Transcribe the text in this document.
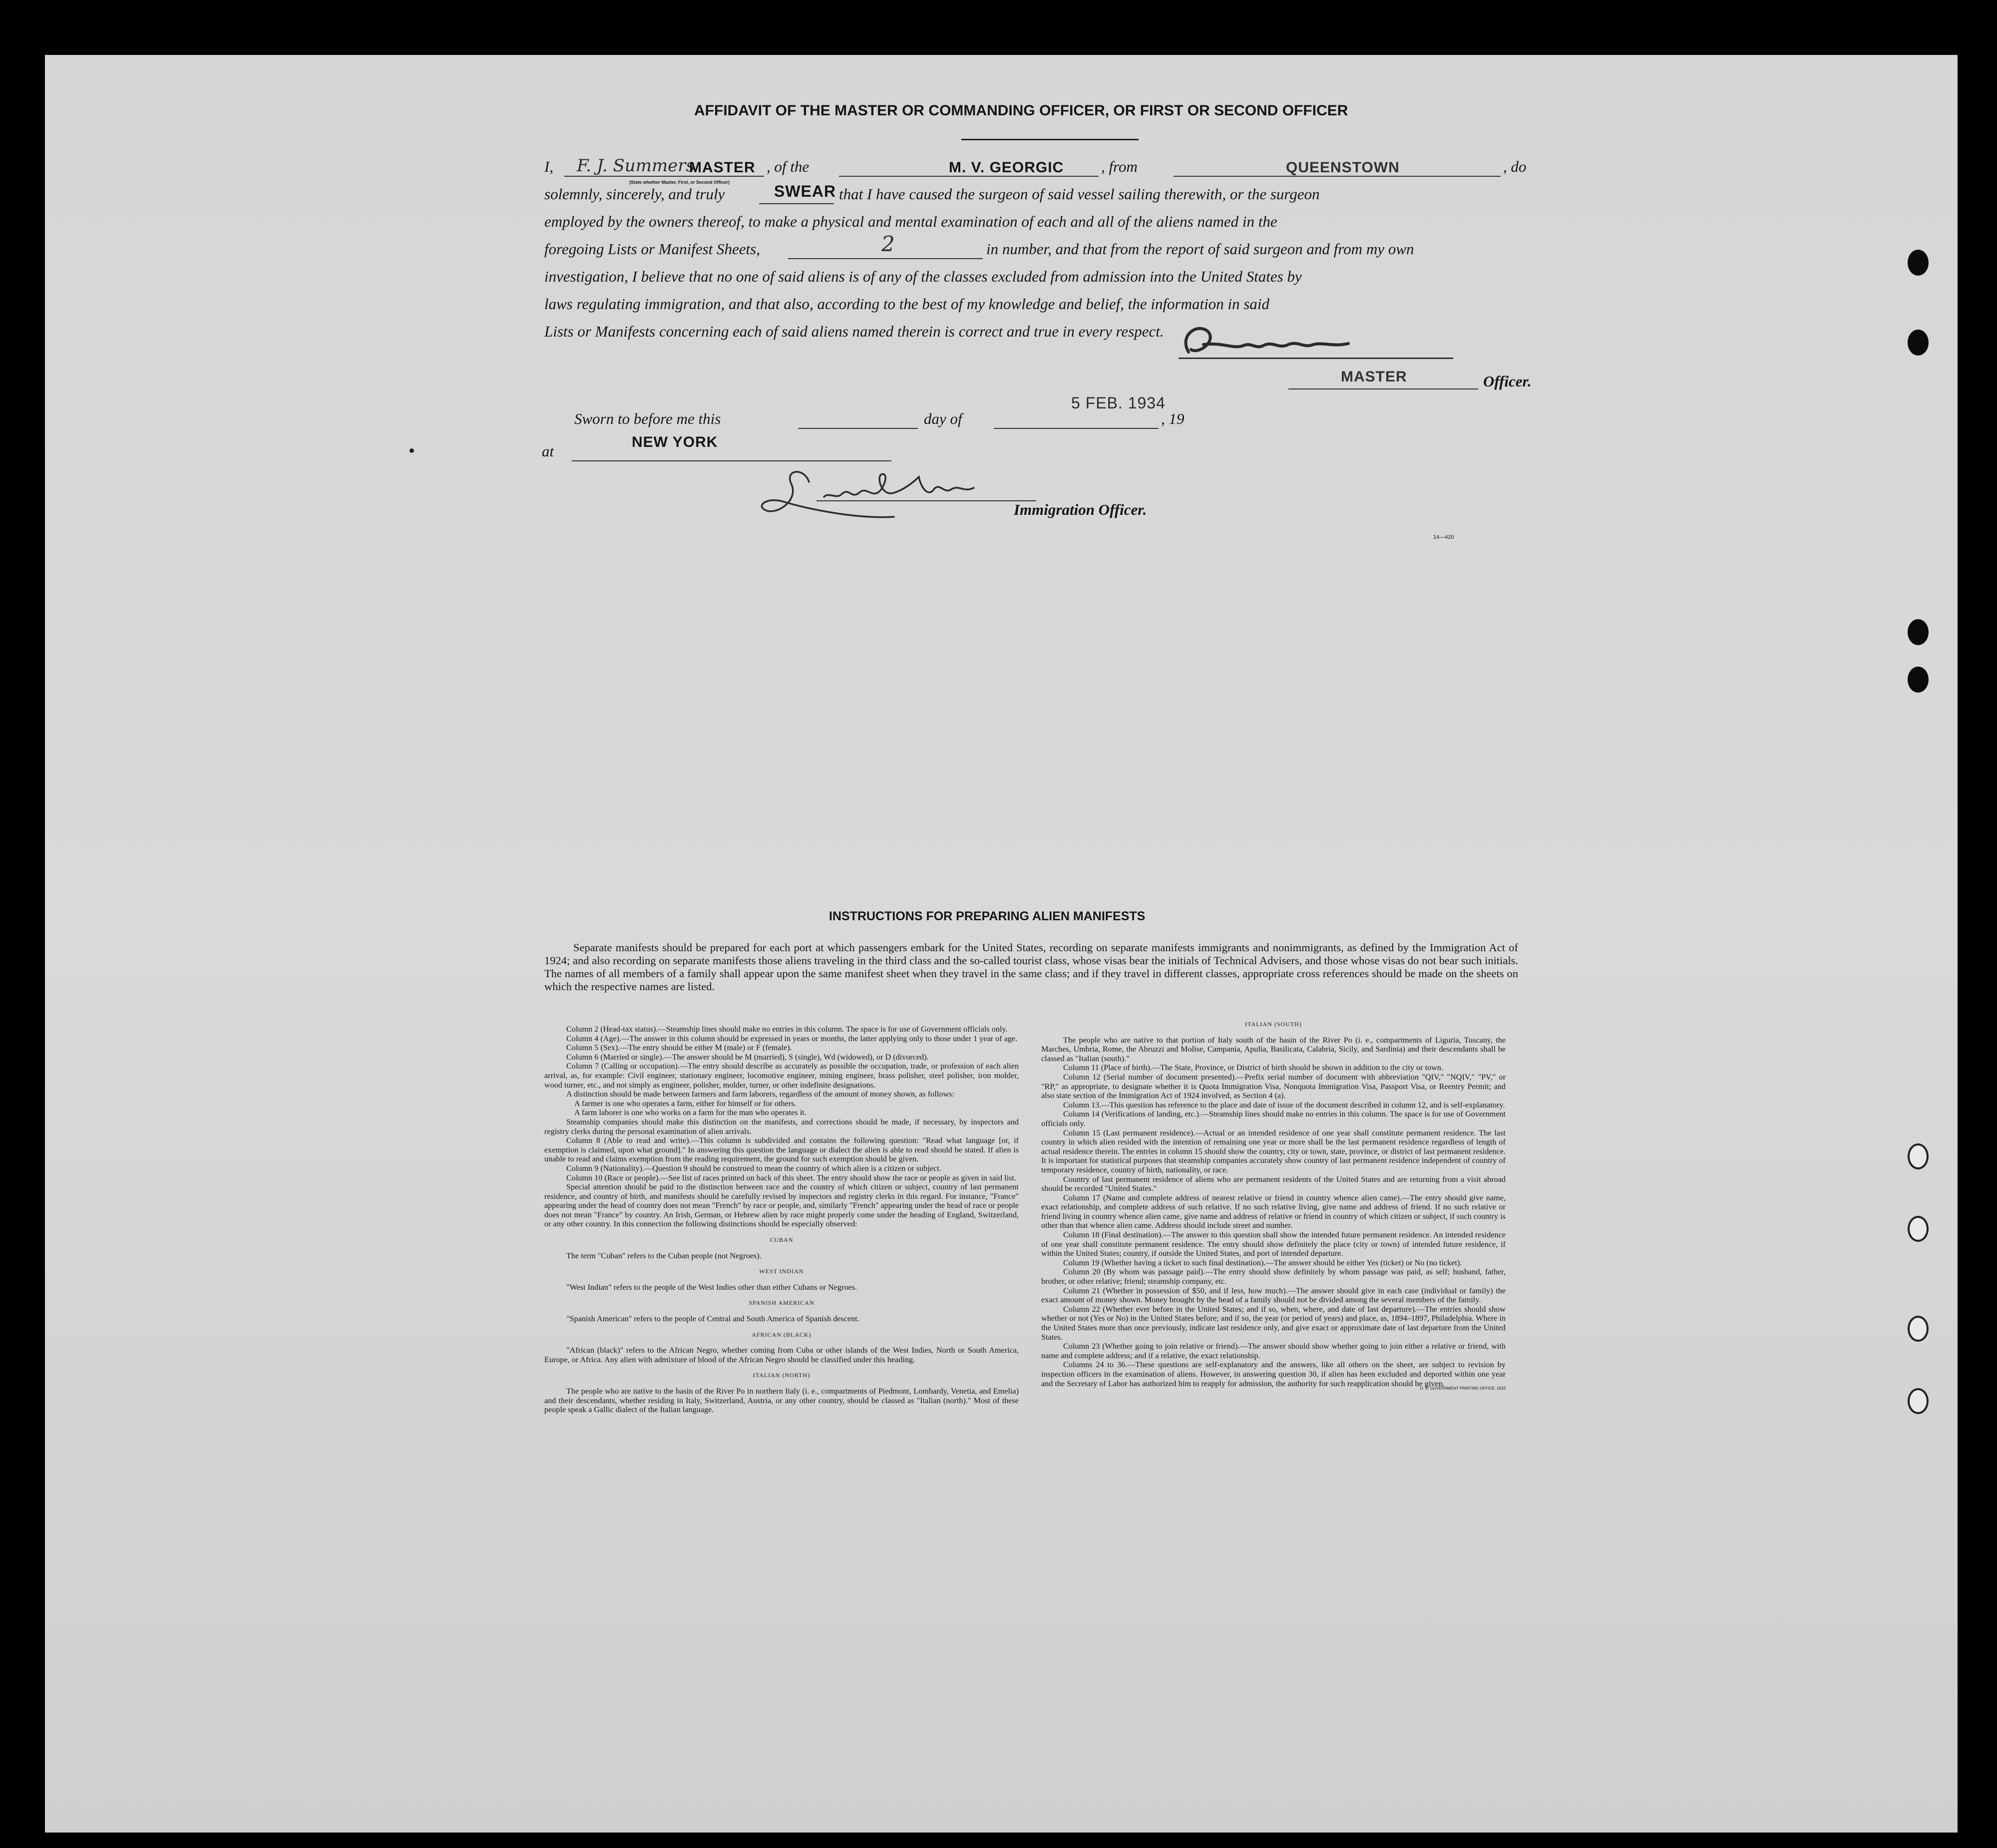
AFFIDAVIT OF THE MASTER OR COMMANDING OFFICER, OR FIRST OR SECOND OFFICER
I, F. J. Summers
MASTER , of the	M. V. GEORGIC , from	QUEENSTOWN	, do
(State whether Master, First, or Second Officer)
solemnly, sincerely, and truly	SWEAR that I have caused the surgeon of said vessel sailing therewith, or the surgeon
employed by the owners thereof, to make a physical and mental examination of each and all of the aliens named in the
foregoing Lists or Manifest Sheets,	2	in number, and that from the report of said surgeon and from my own
investigation, I believe that no one of said aliens is of any of the classes excluded from admission into the United States by
laws regulating immigration, and that also, according to the best of my knowledge and belief, the information in said
Lists or Manifests concerning each of said aliens named therein is correct and true in every respect.
MASTER	Officer.
Sworn to before me this	day of
5 FEB. 1934
, 19
at
NEW YORK
Immigration Officer.
14—420
INSTRUCTIONS FOR PREPARING ALIEN MANIFESTS
Separate manifests should be prepared for each port at which passengers embark for the United States, recording on separate manifests immigrants and nonimmigrants, as defined by the Immigration Act of 1924; and also recording on separate manifests those aliens traveling in the third class and the so-called tourist class, whose visas bear the initials of Technical Advisers, and those whose visas do not bear such initials. The names of all members of a family shall appear upon the same manifest sheet when they travel in the same class; and if they travel in different classes, appropriate cross references should be made on the sheets on which the respective names are listed.

Column 2 (Head-tax status).—Steamship lines should make no entries in this column. The space is for use of Government officials only.

Column 4 (Age).—The answer in this column should be expressed in years or months, the latter applying only to those under 1 year of age.

Column 5 (Sex).—The entry should be either M (male) or F (female).

Column 6 (Married or single).—The answer should be M (married), S (single), Wd (widowed), or D (divorced).

Column 7 (Calling or occupation).—The entry should describe as accurately as possible the occupation, trade, or profession of each alien arrival, as, for example: Civil engineer, stationary engineer, locomotive engineer, mining engineer, brass polisher, steel polisher, iron molder, wood turner, etc., and not simply as engineer, polisher, molder, turner, or other indefinite designations.

A distinction should be made between farmers and farm laborers, regardless of the amount of money shown, as follows:

A farmer is one who operates a farm, either for himself or for others.

A farm laborer is one who works on a farm for the man who operates it.

Steamship companies should make this distinction on the manifests, and corrections should be made, if necessary, by inspectors and registry clerks during the personal examination of alien arrivals.

Column 8 (Able to read and write).—This column is subdivided and contains the following question: "Read what language [or, if exemption is claimed, upon what ground]." In answering this question the language or dialect the alien is able to read should be stated. If alien is unable to read and claims exemption from the reading requirement, the ground for such exemption should be given.

Column 9 (Nationality).—Question 9 should be construed to mean the country of which alien is a citizen or subject.

Column 10 (Race or people).—See list of races printed on back of this sheet. The entry should show the race or people as given in said list.

Special attention should be paid to the distinction between race and the country of which citizen or subject, country of last permanent residence, and country of birth, and manifests should be carefully revised by inspectors and registry clerks in this regard. For instance, "France" appearing under the head of country does not mean "French" by race or people, and, similarly "French" appearing under the head of race or people does not mean "France" by country. An Irish, German, or Hebrew alien by race might properly come under the heading of England, Switzerland, or any other country. In this connection the following distinctions should be especially observed:

CUBAN

The term "Cuban" refers to the Cuban people (not Negroes).

WEST INDIAN

"West Indian" refers to the people of the West Indies other than either Cubans or Negroes.

SPANISH AMERICAN

"Spanish American" refers to the people of Central and South America of Spanish descent.

AFRICAN (BLACK)

"African (black)" refers to the African Negro, whether coming from Cuba or other islands of the West Indies, North or South America, Europe, or Africa. Any alien with admixture of blood of the African Negro should be classified under this heading.

ITALIAN (NORTH)

The people who are native to the basin of the River Po in northern Italy (i. e., compartments of Piedmont, Lombardy, Venetia, and Emelia) and their descendants, whether residing in Italy, Switzerland, Austria, or any other country, should be classed as "Italian (north)." Most of these people speak a Gallic dialect of the Italian language.

ITALIAN (SOUTH)

The people who are native to that portion of Italy south of the basin of the River Po (i. e., compartments of Liguria, Tuscany, the Marches, Umbria, Rome, the Abruzzi and Molise, Campania, Apulia, Basilicata, Calabria, Sicily, and Sardinia) and their descendants shall be classed as "Italian (south)."

Column 11 (Place of birth).—The State, Province, or District of birth should be shown in addition to the city or town.

Column 12 (Serial number of document presented).—Prefix serial number of document with abbreviation "QIV," "NQIV," "PV," or "RP," as appropriate, to designate whether it is Quota Immigration Visa, Nonquota Immigration Visa, Passport Visa, or Reentry Permit; and also state section of the Immigration Act of 1924 involved, as Section 4 (a).

Column 13.—This question has reference to the place and date of issue of the document described in column 12, and is self-explanatory.

Column 14 (Verifications of landing, etc.).—Steamship lines should make no entries in this column. The space is for use of Government officials only.

Column 15 (Last permanent residence).—Actual or an intended residence of one year shall constitute permanent residence. The last country in which alien resided with the intention of remaining one year or more shall be the last permanent residence regardless of length of actual residence therein. The entries in column 15 should show the country, city or town, state, province, or district of last permanent residence. It is important for statistical purposes that steamship companies accurately show country of last permanent residence independent of country of temporary residence, country of birth, nationality, or race.

Country of last permanent residence of aliens who are permanent residents of the United States and are returning from a visit abroad should be recorded "United States."

Column 17 (Name and complete address of nearest relative or friend in country whence alien came).—The entry should give name, exact relationship, and complete address of such relative. If no such relative living, give name and address of friend. If no such relative or friend living in country whence alien came, give name and address of relative or friend in country of which citizen or subject, if such country is other than that whence alien came. Address should include street and number.

Column 18 (Final destination).—The answer to this question shall show the intended future permanent residence. An intended residence of one year shall constitute permanent residence. The entry should show definitely the place (city or town) of intended future residence, if within the United States; country, if outside the United States, and port of intended departure.

Column 19 (Whether having a ticket to such final destination).—The answer should be either Yes (ticket) or No (no ticket).

Column 20 (By whom was passage paid).—The entry should show definitely by whom passage was paid, as self; husband, father, brother, or other relative; friend; steamship company, etc.

Column 21 (Whether in possession of $50, and if less, how much).—The answer should give in each case (individual or family) the exact amount of money shown. Money brought by the head of a family should not be divided among the several members of the family.

Column 22 (Whether ever before in the United States; and if so, when, where, and date of last departure).—The entries should show whether or not (Yes or No) in the United States before; and if so, the year (or period of years) and place, as, 1894–1897, Philadelphia. Where in the United States more than once previously, indicate last residence only, and give exact or approximate date of last departure from the United States.

Column 23 (Whether going to join relative or friend).—The answer should show whether going to join either a relative or friend, with name and complete address; and if a relative, the exact relationship.

Columns 24 to 36.—These questions are self-explanatory and the answers, like all others on the sheet, are subject to revision by inspection officers in the examination of aliens. However, in answering question 30, if alien has been excluded and deported within one year and the Secretary of Labor has authorized him to reapply for admission, the authority for such reapplication should be given.

U. S. GOVERNMENT PRINTING OFFICE: 1933
